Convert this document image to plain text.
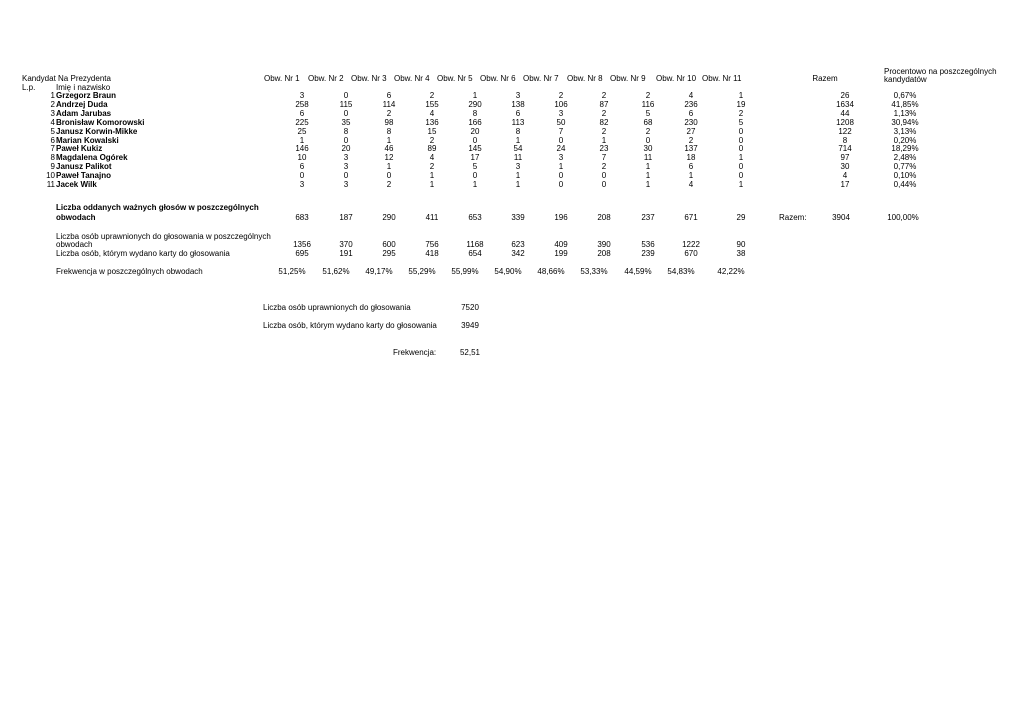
Kandydat Na Prezydenta
L.p.	Imię i nazwisko
Obw. Nr 1 Obw. Nr 2 Obw. Nr 3 Obw. Nr 4 Obw. Nr 5 Obw. Nr 6 Obw. Nr 7 Obw. Nr 8 Obw. Nr 9 Obw. Nr 10 Obw. Nr 11	Razem
Procentowo na poszczególnych
kandydatów
1 Grzegorz Braun	3	0	6	2	1	3	2	2	2	4	1	26	0,67%
2 Andrzej Duda	258	115	114	155	290	138	106	87	116	236	19	1634	41,85%
3 Adam Jarubas	6	0	2	4	8	6	3	2	5	6	2	44	1,13%
4 Bronisław Komorowski	225	35	98	136	166	113	50	82	68	230	5	1208	30,94%
5 Janusz Korwin-Mikke	25	8	8	15	20	8	7	2	2	27	0	122	3,13%
6 Marian Kowalski	1	0	1	2	0	1	0	1	0	2	0	8	0,20%
7 Paweł Kukiz	146	20	46	89	145	54	24	23	30	137	0	714	18,29%
8 Magdalena Ogórek	10	3	12	4	17	11	3	7	11	18	1	97	2,48%
9 Janusz Palikot	6	3	1	2	5	3	1	2	1	6	0	30	0,77%
10 Paweł Tanajno	0	0	0	1	0	1	0	0	1	1	0	4	0,10%
11 Jacek Wilk	3	3	2	1	1	1	0	0	1	4	1	17	0,44%
Liczba oddanych ważnych głosów w poszczególnych
obwodach	683	187	290	411	653	339	196	208	237	671	29	Razem:	3904	100,00%
Liczba osób uprawnionych do głosowania w poszczególnych
obwodach	1356	370	600	756	1168	623	409	390	536	1222	90
Liczba osób, którym wydano karty do głosowania	695	191	295	418	654	342	199	208	239	670	38
Frekwencja w poszczególnych obwodach	51,25%	51,62%	49,17%	55,29%	55,99%	54,90%	48,66%	53,33%	44,59%	54,83%	42,22%
Liczba osób uprawnionych do głosowania	7520
Liczba osób, którym wydano karty do głosowania	3949
Frekwencja:	52,51
